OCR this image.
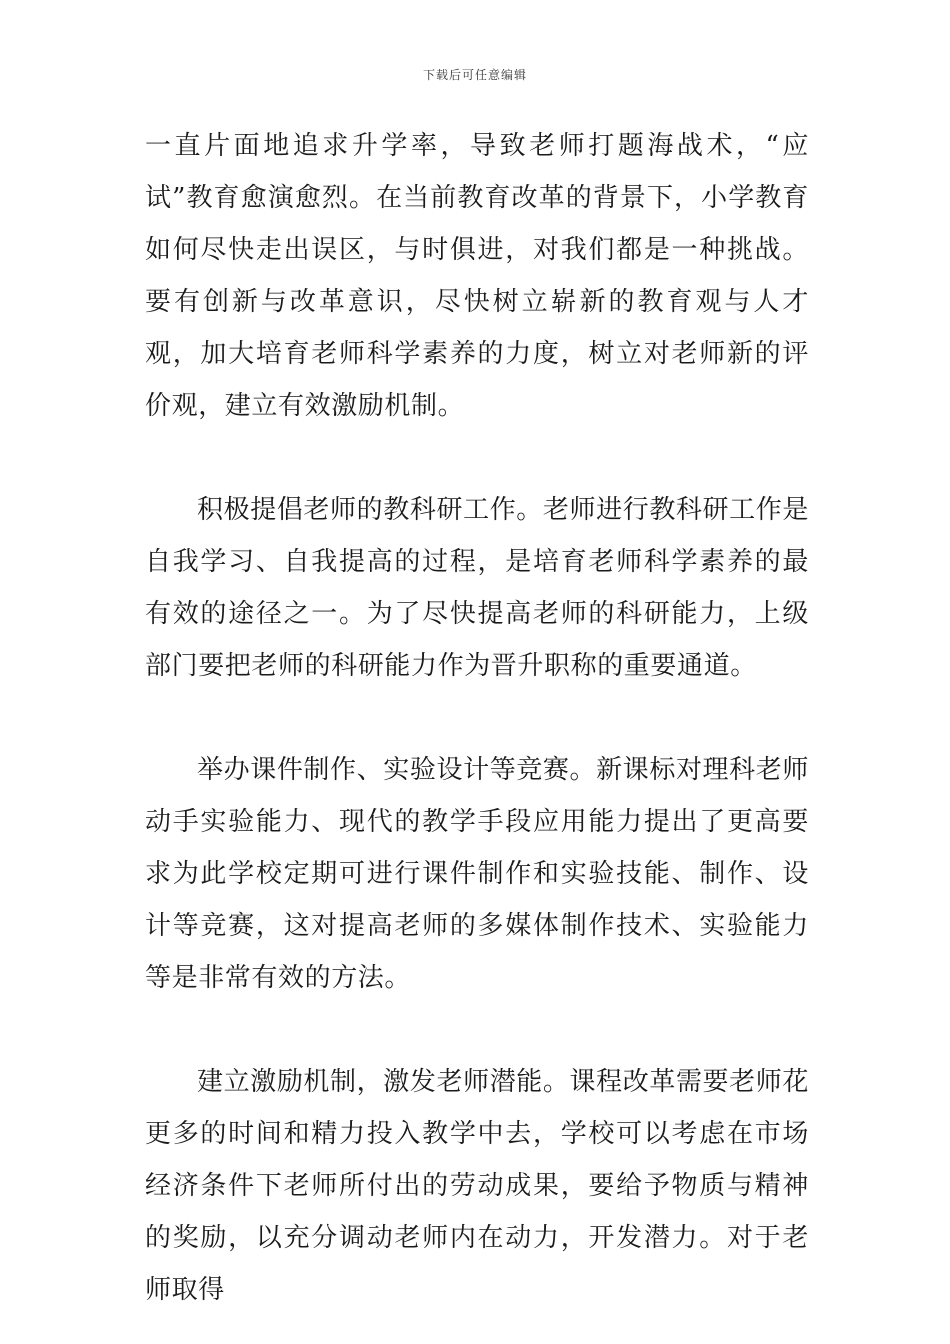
下载后可任意编辑

一直片面地追求升学率，导致老师打题海战术，“应试”教育愈演愈烈。在当前教育改革的背景下，小学教育如何尽快走出误区，与时俱进，对我们都是一种挑战。要有创新与改革意识，尽快树立崭新的教育观与人才观，加大培育老师科学素养的力度，树立对老师新的评价观，建立有效激励机制。

积极提倡老师的教科研工作。老师进行教科研工作是自我学习、自我提高的过程，是培育老师科学素养的最有效的途径之一。为了尽快提高老师的科研能力，上级部门要把老师的科研能力作为晋升职称的重要通道。

举办课件制作、实验设计等竞赛。新课标对理科老师动手实验能力、现代的教学手段应用能力提出了更高要求为此学校定期可进行课件制作和实验技能、制作、设计等竞赛，这对提高老师的多媒体制作技术、实验能力等是非常有效的方法。

建立激励机制，激发老师潜能。课程改革需要老师花更多的时间和精力投入教学中去，学校可以考虑在市场经济条件下老师所付出的劳动成果，要给予物质与精神的奖励，以充分调动老师内在动力，开发潜力。对于老师取得
